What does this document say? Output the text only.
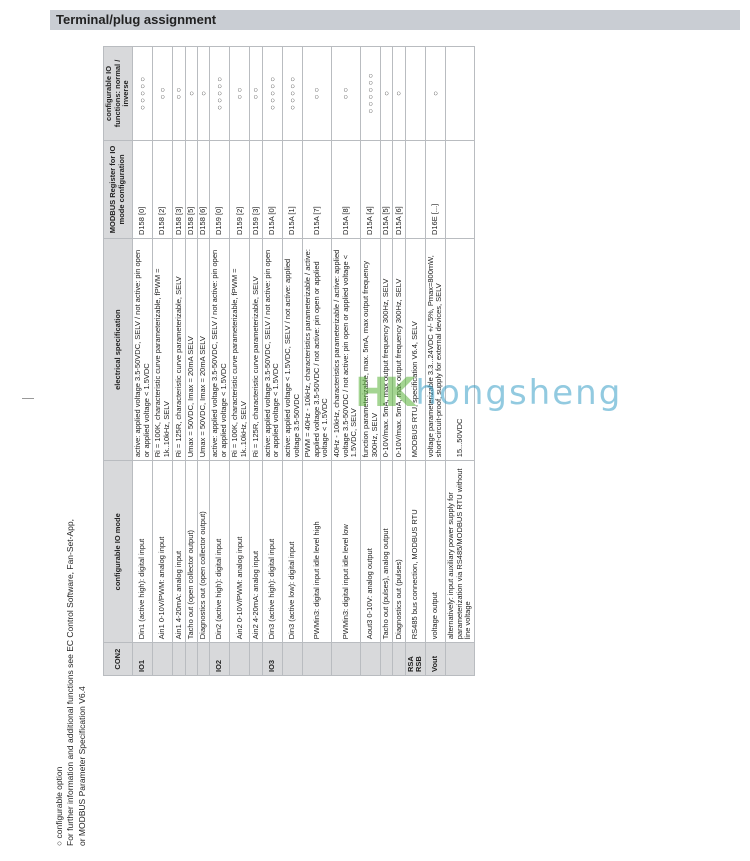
Terminal/plug assignment
○ configurable option For further information and additional functions see EC Control Software, Fan-Set-App, or MODBUS Parameter Specification V6.4
CON2	configurable IO mode	electrical specification	MODBUS Register for IO mode configuration	configurable IO functions: normal / inverse
IO1	Din1 (active high): digital input	active: applied voltage 3.5-50VDC, SELV / not active: pin open or applied voltage < 1.5VDC	D158 [0]	○ ○ ○ ○ ○
	Ain1 0-10V/PWM: analog input	Ri = 100K, characteristic curve parameterizable, fPWM = 1k..10kHz, SELV	D158 [2]	○ ○
	Ain1 4-20mA: analog input	Ri = 125R, characteristic curve parameterizable, SELV	D158 [3]	○ ○
	Tacho out (open collector output)	Umax = 50VDC, Imax = 20mA SELV	D158 [5]	○
	Diagnostics out (open collector output)	Umax = 50VDC, Imax = 20mA SELV	D158 [6]	○
IO2	Din2 (active high): digital input	active: applied voltage 3.5-50VDC, SELV / not active: pin open or applied voltage < 1.5VDC	D159 [0]	○ ○ ○ ○ ○
	Ain2 0-10V/PWM: analog input	Ri = 100K, characteristic curve parameterizable, fPWM = 1k..10kHz, SELV	D159 [2]	○ ○
	Ain2 4-20mA: analog input	Ri = 125R, characteristic curve parameterizable, SELV	D159 [3]	○ ○
IO3	Din3 (active high): digital input	active: applied voltage 3.5-50VDC, SELV / not active: pin open or applied voltage < 1.5VDC	D15A [0]	○ ○ ○ ○ ○
	Din3 (active low): digital input	active: applied voltage < 1.5VDC, SELV / not active: applied voltage 3.5-50VDC	D15A [1]	○ ○ ○ ○ ○
	PWMin3: digital input idle level high	PWM = 40Hz - 10kHz, characteristics parameterizable / active: applied voltage 3.5-50VDC / not active: pin open or applied voltage < 1.5VDC	D15A [7]	○ ○
	PWMin3: digital input idle level low	40Hz - 10kHz, characteristics parameterizable / active: applied voltage 3.5-50VDC / not active: pin open or applied voltage < 1.5VDC, SELV	D15A [8]	○ ○
	Aout3 0-10V: analog output	function parameterizable, max. 5mA, max output frequency 300Hz, SELV	D15A [4]	○ ○ ○ ○ ○ ○
	Tacho out (pulses), analog output	0-10V/max. 5mA, max output frequency 300Hz, SELV	D15A [5]	○
	Diagnostics out (pulses)	0-10V/max. 5mA, max output frequency 300Hz, SELV	D15A [6]	○
RSA RSB	RS485 bus connection, MODBUS RTU	MODBUS RTU, specification V6.4, SELV		
Vout	voltage output	voltage parameterizable 3.3...24VDC +/- 5%, Pmax=800mW, short-circuit-proof, supply for external devices, SELV	D16E [...]	○
	alternatively: input auxiliary power supply for parameterization via RS485/MODBUS RTU without line voltage	15...50VDC		
HK hongsheng
